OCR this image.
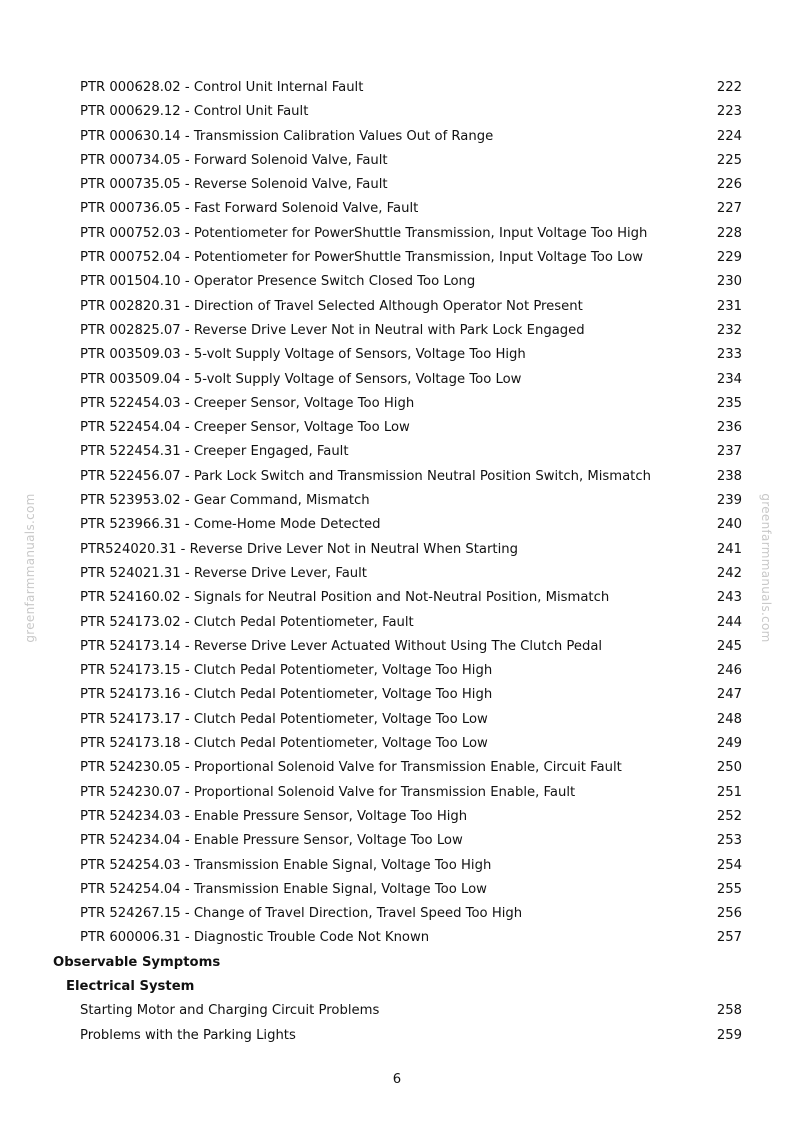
PTR 000628.02 - Control Unit Internal Fault	222
PTR 000629.12 - Control Unit Fault	223
PTR 000630.14 - Transmission Calibration Values Out of Range	224
PTR 000734.05 - Forward Solenoid Valve, Fault	225
PTR 000735.05 - Reverse Solenoid Valve, Fault	226
PTR 000736.05 - Fast Forward Solenoid Valve, Fault	227
PTR 000752.03 - Potentiometer for PowerShuttle Transmission, Input Voltage Too High	228
PTR 000752.04 - Potentiometer for PowerShuttle Transmission, Input Voltage Too Low	229
PTR 001504.10 - Operator Presence Switch Closed Too Long	230
PTR 002820.31 - Direction of Travel Selected Although Operator Not Present	231
PTR 002825.07 - Reverse Drive Lever Not in Neutral with Park Lock Engaged	232
PTR 003509.03 - 5-volt Supply Voltage of Sensors, Voltage Too High	233
PTR 003509.04 - 5-volt Supply Voltage of Sensors, Voltage Too Low	234
PTR 522454.03 - Creeper Sensor, Voltage Too High	235
PTR 522454.04 - Creeper Sensor, Voltage Too Low	236
PTR 522454.31 - Creeper Engaged, Fault	237
PTR 522456.07 - Park Lock Switch and Transmission Neutral Position Switch, Mismatch	238
PTR 523953.02 - Gear Command, Mismatch	239
PTR 523966.31 - Come-Home Mode Detected	240
PTR524020.31 - Reverse Drive Lever Not in Neutral When Starting	241
PTR 524021.31 - Reverse Drive Lever, Fault	242
PTR 524160.02 - Signals for Neutral Position and Not-Neutral Position, Mismatch	243
PTR 524173.02 - Clutch Pedal Potentiometer, Fault	244
PTR 524173.14 - Reverse Drive Lever Actuated Without Using The Clutch Pedal	245
PTR 524173.15 - Clutch Pedal Potentiometer, Voltage Too High	246
PTR 524173.16 - Clutch Pedal Potentiometer, Voltage Too High	247
PTR 524173.17 - Clutch Pedal Potentiometer, Voltage Too Low	248
PTR 524173.18 - Clutch Pedal Potentiometer, Voltage Too Low	249
PTR 524230.05 - Proportional Solenoid Valve for Transmission Enable, Circuit Fault	250
PTR 524230.07 - Proportional Solenoid Valve for Transmission Enable, Fault	251
PTR 524234.03 - Enable Pressure Sensor, Voltage Too High	252
PTR 524234.04 - Enable Pressure Sensor, Voltage Too Low	253
PTR 524254.03 - Transmission Enable Signal, Voltage Too High	254
PTR 524254.04 - Transmission Enable Signal, Voltage Too Low	255
PTR 524267.15 - Change of Travel Direction, Travel Speed Too High	256
PTR 600006.31 - Diagnostic Trouble Code Not Known	257
Observable Symptoms
Electrical System
Starting Motor and Charging Circuit Problems	258
Problems with the Parking Lights	259
greenfarmmanuals.com	greenfarmmanuals.com
6
